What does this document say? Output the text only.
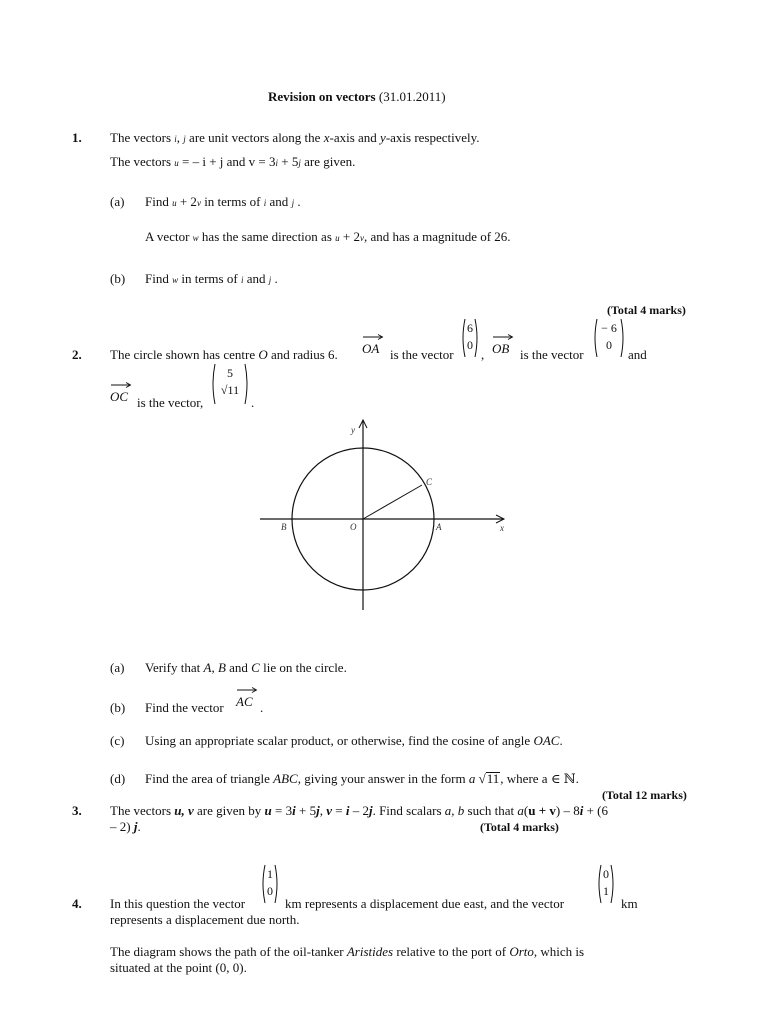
Revision on vectors (31.01.2011)
1. The vectors i, j are unit vectors along the x-axis and y-axis respectively.
The vectors u = – i + j and v = 3i + 5j are given.
(a) Find u + 2v in terms of i and j .
A vector w has the same direction as u + 2v, and has a magnitude of 26.
(b) Find w in terms of i and j .
(Total 4 marks)
2. The circle shown has centre O and radius 6. OA is the vector
6
0
, OB is the vector
− 6
0
and
OC is the vector,
5
√11
.
y
x
C
B	O	A
(a) Verify that A, B and C lie on the circle.
(b) Find the vector AC .
(c) Using an appropriate scalar product, or otherwise, find the cosine of angle OAC.
(d) Find the area of triangle ABC, giving your answer in the form a √11, where a ∈ ℕ.
(Total 12 marks)
3. The vectors u, v are given by u = 3i + 5j, v = i – 2j. Find scalars a, b such that a(u + v) – 8i + (6
– 2) j.	(Total 4 marks)
4. In this question the vector
1
0
km represents a displacement due east, and the vector
0
1
km
represents a displacement due north.
The diagram shows the path of the oil-tanker Aristides relative to the port of Orto, which is
situated at the point (0, 0).
